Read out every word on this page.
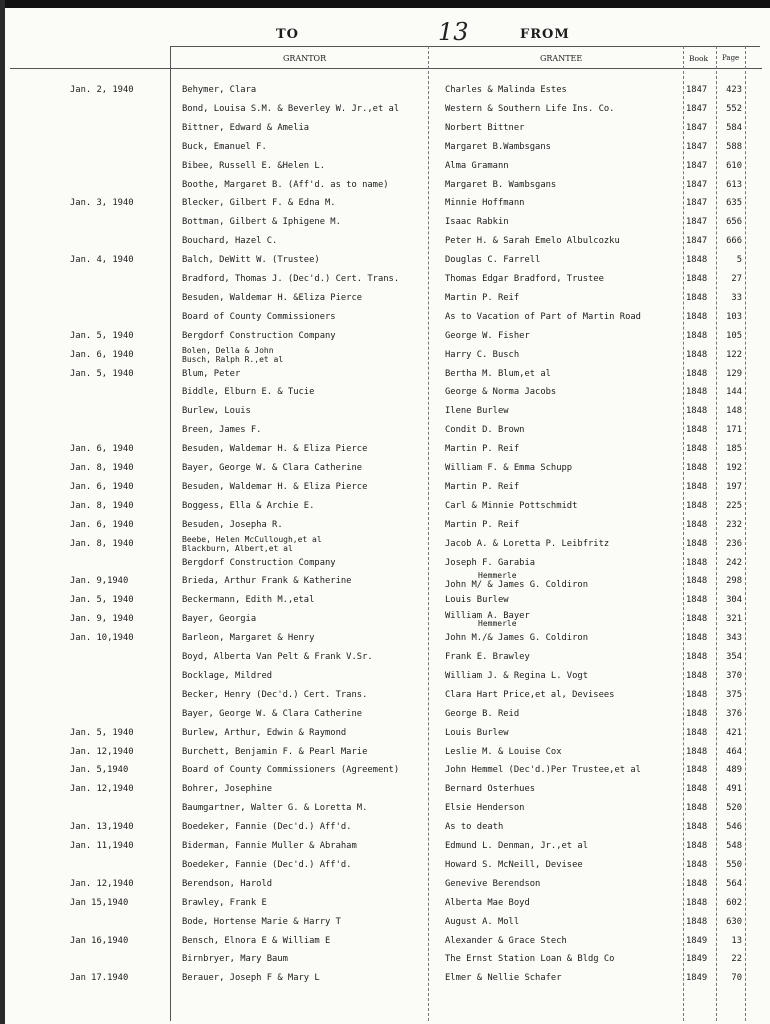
TO	13	FROM
GRANTOR	GRANTEE	Book Page
Jan. 2, 1940	Behymer, Clara	Charles & Malinda Estes	1847	423
Bond, Louisa S.M. & Beverley W. Jr.,et al	Western & Southern Life Ins. Co.	1847	552
Bittner, Edward & Amelia	Norbert Bittner	1847	584
Buck, Emanuel F.	Margaret B.Wambsgans	1847	588
Bibee, Russell E. &Helen L.	Alma Gramann	1847	610
Boothe, Margaret B. (Aff'd. as to name)	Margaret B. Wambsgans	1847	613
Jan. 3, 1940	Blecker, Gilbert F. & Edna M.	Minnie Hoffmann	1847	635
Bottman, Gilbert & Iphigene M.	Isaac Rabkin	1847	656
Bouchard, Hazel C.	Peter H. & Sarah Emelo Albulcozku	1847	666
Jan. 4, 1940	Balch, DeWitt W. (Trustee)	Douglas C. Farrell	1848	5
Bradford, Thomas J. (Dec'd.) Cert. Trans.	Thomas Edgar Bradford, Trustee	1848	27
Besuden, Waldemar H. &Eliza Pierce	Martin P. Reif	1848	33
Board of County Commissioners	As to Vacation of Part of Martin Road	1848	103
Jan. 5, 1940	Bergdorf Construction Company	George W. Fisher	1848	105
Jan. 6, 1940	Bolen, Della & John
Busch, Ralph R.,et al	Harry C. Busch	1848	122
Jan. 5, 1940	Blum, Peter	Bertha M. Blum,et al	1848	129
Biddle, Elburn E. & Tucie	George & Norma Jacobs	1848	144
Burlew, Louis	Ilene Burlew	1848	148
Breen, James F.	Condit D. Brown	1848	171
Jan. 6, 1940	Besuden, Waldemar H. & Eliza Pierce	Martin P. Reif	1848	185
Jan. 8, 1940	Bayer, George W. & Clara Catherine	William F. & Emma Schupp	1848	192
Jan. 6, 1940	Besuden, Waldemar H. & Eliza Pierce	Martin P. Reif	1848	197
Jan. 8, 1940	Boggess, Ella & Archie E.	Carl & Minnie Pottschmidt	1848	225
Jan. 6, 1940	Besuden, Josepha R.	Martin P. Reif	1848	232
Jan. 8, 1940	Beebe, Helen McCullough,et al
Blackburn, Albert,et al	Jacob A. & Loretta P. Leibfritz	1848	236
Bergdorf Construction Company	Joseph F. Garabia	1848	242
Jan. 9,1940	Brieda, Arthur Frank & Katherine
Hemmerle
John M/ & James G. Coldiron	1848	298
Jan. 5, 1940	Beckermann, Edith M.,etal	Louis Burlew	1848	304
Jan. 9, 1940	Bayer, Georgia	William A. Bayer
Hemmerle	1848	321
Jan. 10,1940	Barleon, Margaret & Henry	John M./& James G. Coldiron	1848	343
Boyd, Alberta Van Pelt & Frank V.Sr.	Frank E. Brawley	1848	354
Bocklage, Mildred	William J. & Regina L. Vogt	1848	370
Becker, Henry (Dec'd.) Cert. Trans.	Clara Hart Price,et al, Devisees	1848	375
Bayer, George W. & Clara Catherine	George B. Reid	1848	376
Jan. 5, 1940	Burlew, Arthur, Edwin & Raymond	Louis Burlew	1848	421
Jan. 12,1940	Burchett, Benjamin F. & Pearl Marie	Leslie M. & Louise Cox	1848	464
Jan. 5,1940	Board of County Commissioners (Agreement)	John Hemmel (Dec'd.)Per Trustee,et al	1848	489
Jan. 12,1940	Bohrer, Josephine	Bernard Osterhues	1848	491
Baumgartner, Walter G. & Loretta M.	Elsie Henderson	1848	520
Jan. 13,1940	Boedeker, Fannie (Dec'd.) Aff'd.	As to death	1848	546
Jan. 11,1940	Biderman, Fannie Muller & Abraham	Edmund L. Denman, Jr.,et al	1848	548
Boedeker, Fannie (Dec'd.) Aff'd.	Howard S. McNeill, Devisee	1848	550
Jan. 12,1940	Berendson, Harold	Genevive Berendson	1848	564
Jan 15,1940	Brawley, Frank E	Alberta Mae Boyd	1848	602
Bode, Hortense Marie & Harry T	August A. Moll	1848	630
Jan 16,1940	Bensch, Elnora E & William E	Alexander & Grace Stech	1849	13
Birnbryer, Mary Baum	The Ernst Station Loan & Bldg Co	1849	22
Jan 17.1940	Berauer, Joseph F & Mary L	Elmer & Nellie Schafer	1849	70
